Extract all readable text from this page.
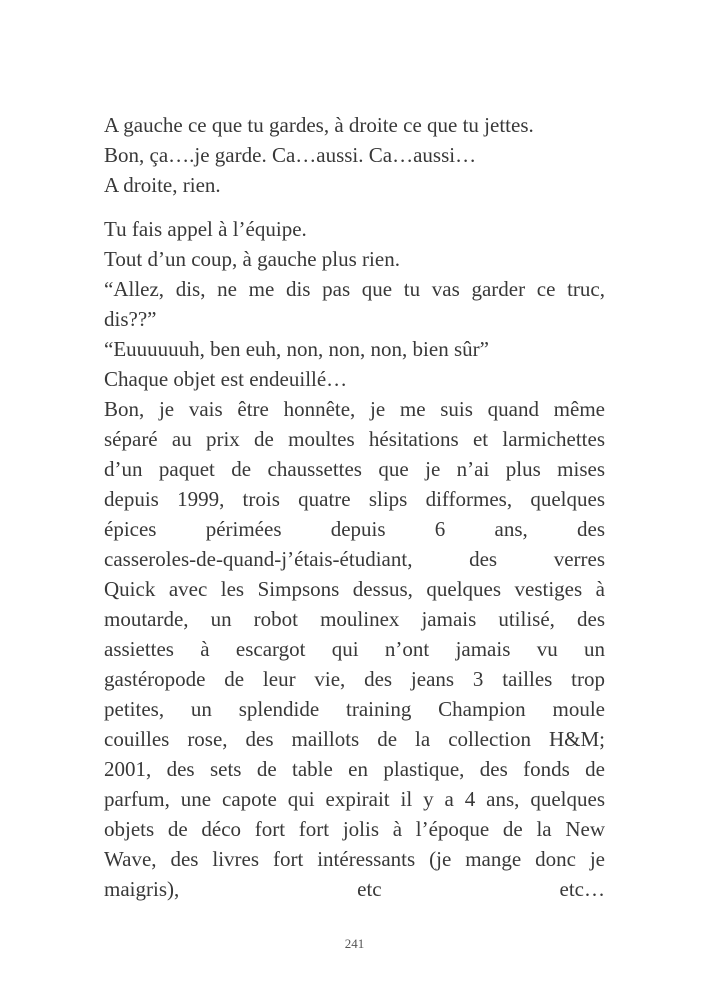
A gauche ce que tu gardes, à droite ce que tu jettes.
Bon, ça….je garde. Ca…aussi. Ca…aussi…
A droite, rien.
Tu fais appel à l’équipe.
Tout d’un coup, à gauche plus rien.
“Allez, dis, ne me dis pas que tu vas garder ce truc,
dis??”
“Euuuuuuh, ben euh, non, non, non, bien sûr”
Chaque objet est endeuillé…
Bon, je vais être honnête, je me suis quand même
séparé au prix de moultes hésitations et larmichettes
d’un paquet de chaussettes que je n’ai plus mises
depuis 1999, trois quatre slips difformes, quelques
épices périmées depuis 6 ans, des
casseroles-de-quand-j’étais-étudiant, des verres
Quick avec les Simpsons dessus, quelques vestiges à
moutarde, un robot moulinex jamais utilisé, des
assiettes à escargot qui n’ont jamais vu un
gastéropode de leur vie, des jeans 3 tailles trop
petites, un splendide training Champion moule
couilles rose, des maillots de la collection H&M;
2001, des sets de table en plastique, des fonds de
parfum, une capote qui expirait il y a 4 ans, quelques
objets de déco fort fort jolis à l’époque de la New
Wave, des livres fort intéressants (je mange donc je
maigris), etc etc…
241
